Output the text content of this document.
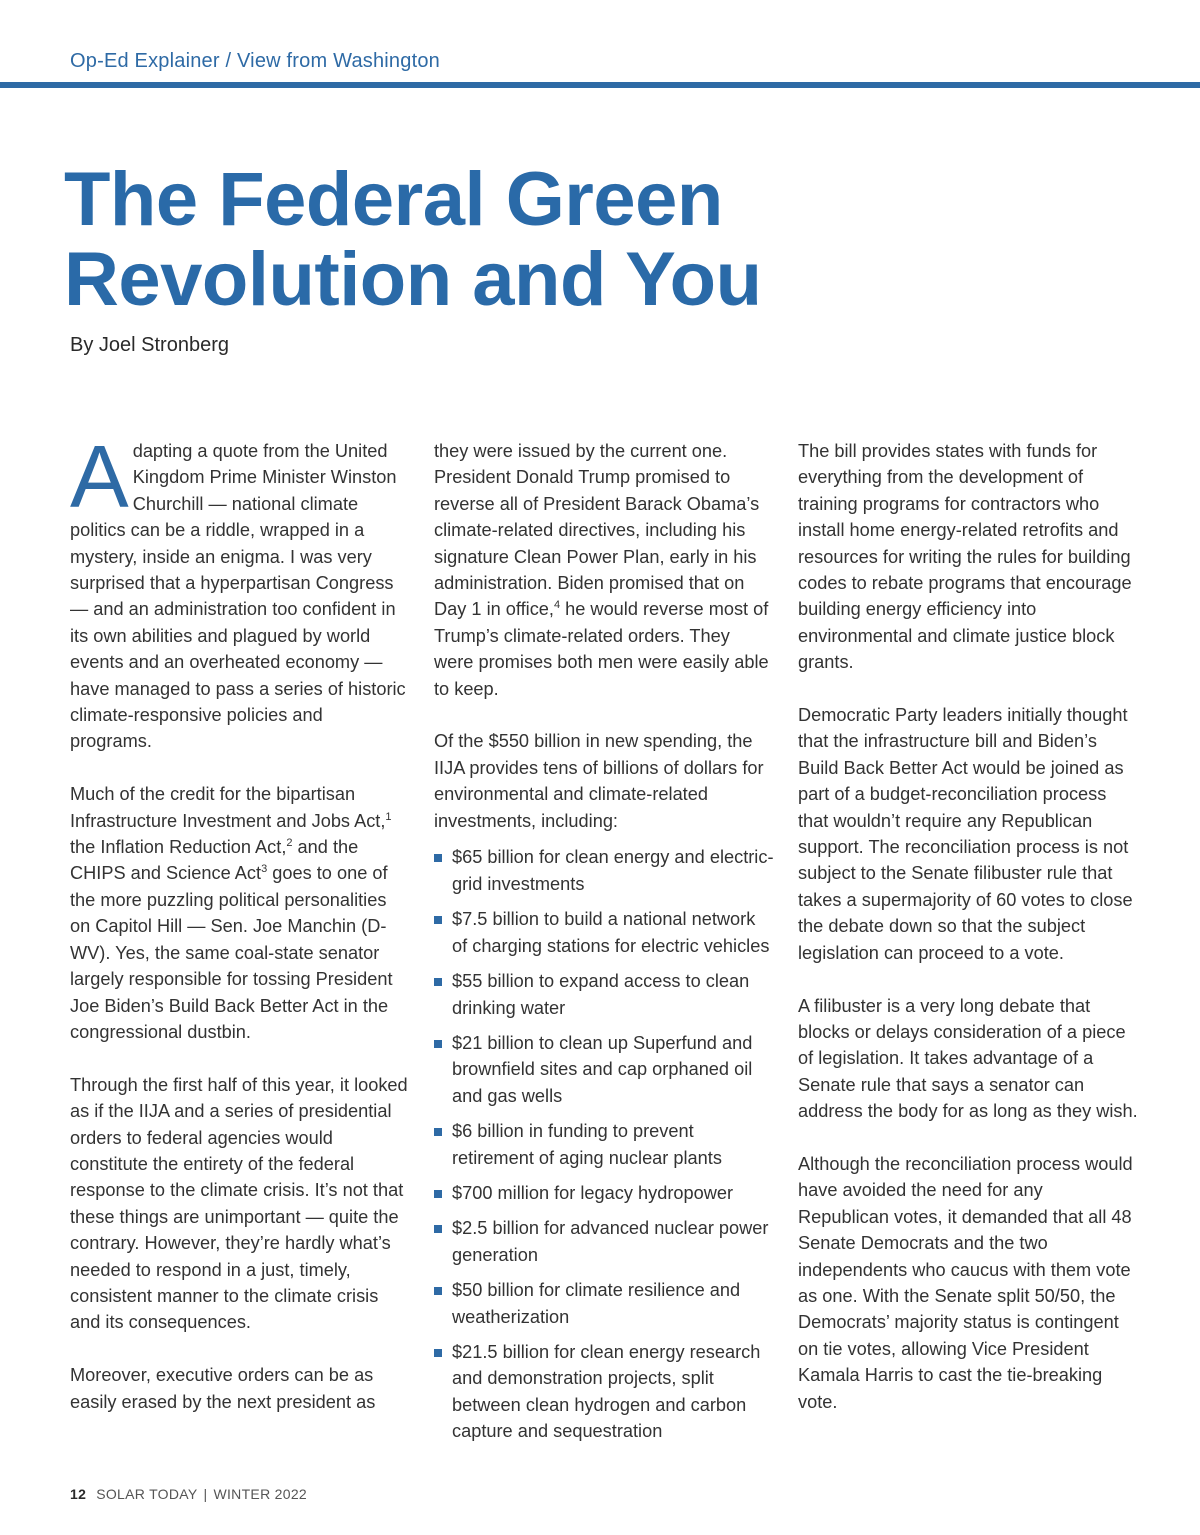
Op-Ed Explainer / View from Washington
The Federal Green
Revolution and You
By Joel Stronberg

Adapting a quote from the United Kingdom Prime Minister Winston Churchill — national climate politics can be a riddle, wrapped in a mystery, inside an enigma. I was very surprised that a hyperpartisan Congress — and an administration too confident in its own abilities and plagued by world events and an overheated economy — have managed to pass a series of historic climate-responsive policies and programs.

Much of the credit for the bipartisan Infrastructure Investment and Jobs Act,$^1$ the Inflation Reduction Act,$^2$ and the CHIPS and Science Act$^3$ goes to one of the more puzzling political personalities on Capitol Hill — Sen. Joe Manchin (D-WV). Yes, the same coal-state senator largely responsible for tossing President Joe Biden’s Build Back Better Act in the congressional dustbin.

Through the first half of this year, it looked as if the IIJA and a series of presidential orders to federal agencies would constitute the entirety of the federal response to the climate crisis. It’s not that these things are unimportant — quite the contrary. However, they’re hardly what’s needed to respond in a just, timely, consistent manner to the climate crisis and its consequences.

Moreover, executive orders can be as easily erased by the next president as

they were issued by the current one. President Donald Trump promised to reverse all of President Barack Obama’s climate-related directives, including his signature Clean Power Plan, early in his administration. Biden promised that on Day 1 in office,$^4$ he would reverse most of Trump’s climate-related orders. They were promises both men were easily able to keep.

Of the $550 billion in new spending, the IIJA provides tens of billions of dollars for environmental and climate-related investments, including:

$65 billion for clean energy and electric-grid investments
$7.5 billion to build a national network of charging stations for electric vehicles
$55 billion to expand access to clean drinking water
$21 billion to clean up Superfund and brownfield sites and cap orphaned oil and gas wells
$6 billion in funding to prevent retirement of aging nuclear plants
$700 million for legacy hydropower
$2.5 billion for advanced nuclear power generation
$50 billion for climate resilience and weatherization
$21.5 billion for clean energy research and demonstration projects, split between clean hydrogen and carbon capture and sequestration

The bill provides states with funds for everything from the development of training programs for contractors who install home energy-related retrofits and resources for writing the rules for building codes to rebate programs that encourage building energy efficiency into environmental and climate justice block grants.

Democratic Party leaders initially thought that the infrastructure bill and Biden’s Build Back Better Act would be joined as part of a budget-reconciliation process that wouldn’t require any Republican support. The reconciliation process is not subject to the Senate filibuster rule that takes a supermajority of 60 votes to close the debate down so that the subject legislation can proceed to a vote.

A filibuster is a very long debate that blocks or delays consideration of a piece of legislation. It takes advantage of a Senate rule that says a senator can address the body for as long as they wish.

Although the reconciliation process would have avoided the need for any Republican votes, it demanded that all 48 Senate Democrats and the two independents who caucus with them vote as one. With the Senate split 50/50, the Democrats’ majority status is contingent on tie votes, allowing Vice President Kamala Harris to cast the tie-breaking vote.

12 SOLAR TODAY | WINTER 2022
